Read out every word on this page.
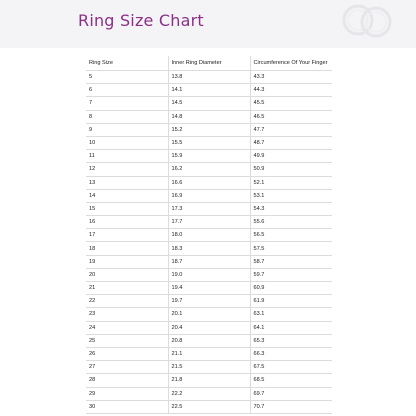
Ring Size Chart
Ring Size	Inner Ring Diameter	Circumference Of Your Finger
5	13.8	43.3
6	14.1	44.3
7	14.5	45.5
8	14.8	46.5
9	15.2	47.7
10	15.5	48.7
11	15.9	49.9
12	16.2	50.9
13	16.6	52.1
14	16.9	53.1
15	17.3	54.3
16	17.7	55.6
17	18.0	56.5
18	18.3	57.5
19	18.7	58.7
20	19.0	59.7
21	19.4	60.9
22	19.7	61.9
23	20.1	63.1
24	20.4	64.1
25	20.8	65.3
26	21.1	66.3
27	21.5	67.5
28	21.8	68.5
29	22.2	69.7
30	22.5	70.7
